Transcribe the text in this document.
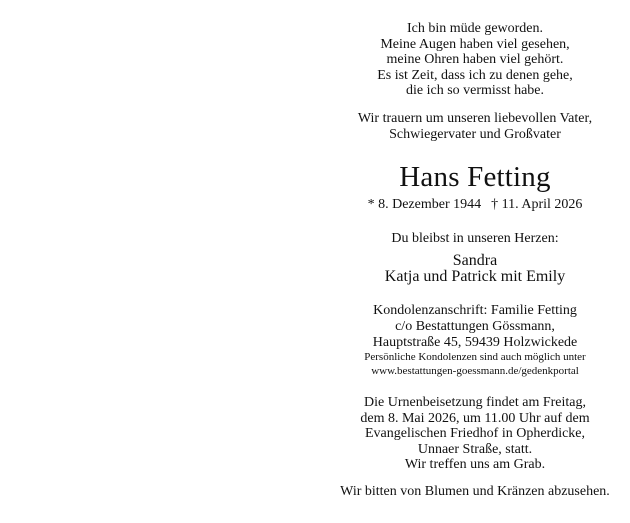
Ich bin müde geworden.
Meine Augen haben viel gesehen,
meine Ohren haben viel gehört.
Es ist Zeit, dass ich zu denen gehe,
die ich so vermisst habe.
Wir trauern um unseren liebevollen Vater,
Schwiegervater und Großvater
Hans Fetting
* 8. Dezember 1944 † 11. April 2026
Du bleibst in unseren Herzen:
Sandra
Katja und Patrick mit Emily
Kondolenzanschrift: Familie Fetting
c/o Bestattungen Gössmann,
Hauptstraße 45, 59439 Holzwickede
Persönliche Kondolenzen sind auch möglich unter
www.bestattungen-goessmann.de/gedenkportal
Die Urnenbeisetzung findet am Freitag,
dem 8. Mai 2026, um 11.00 Uhr auf dem
Evangelischen Friedhof in Opherdicke,
Unnaer Straße, statt.
Wir treffen uns am Grab.
Wir bitten von Blumen und Kränzen abzusehen.
